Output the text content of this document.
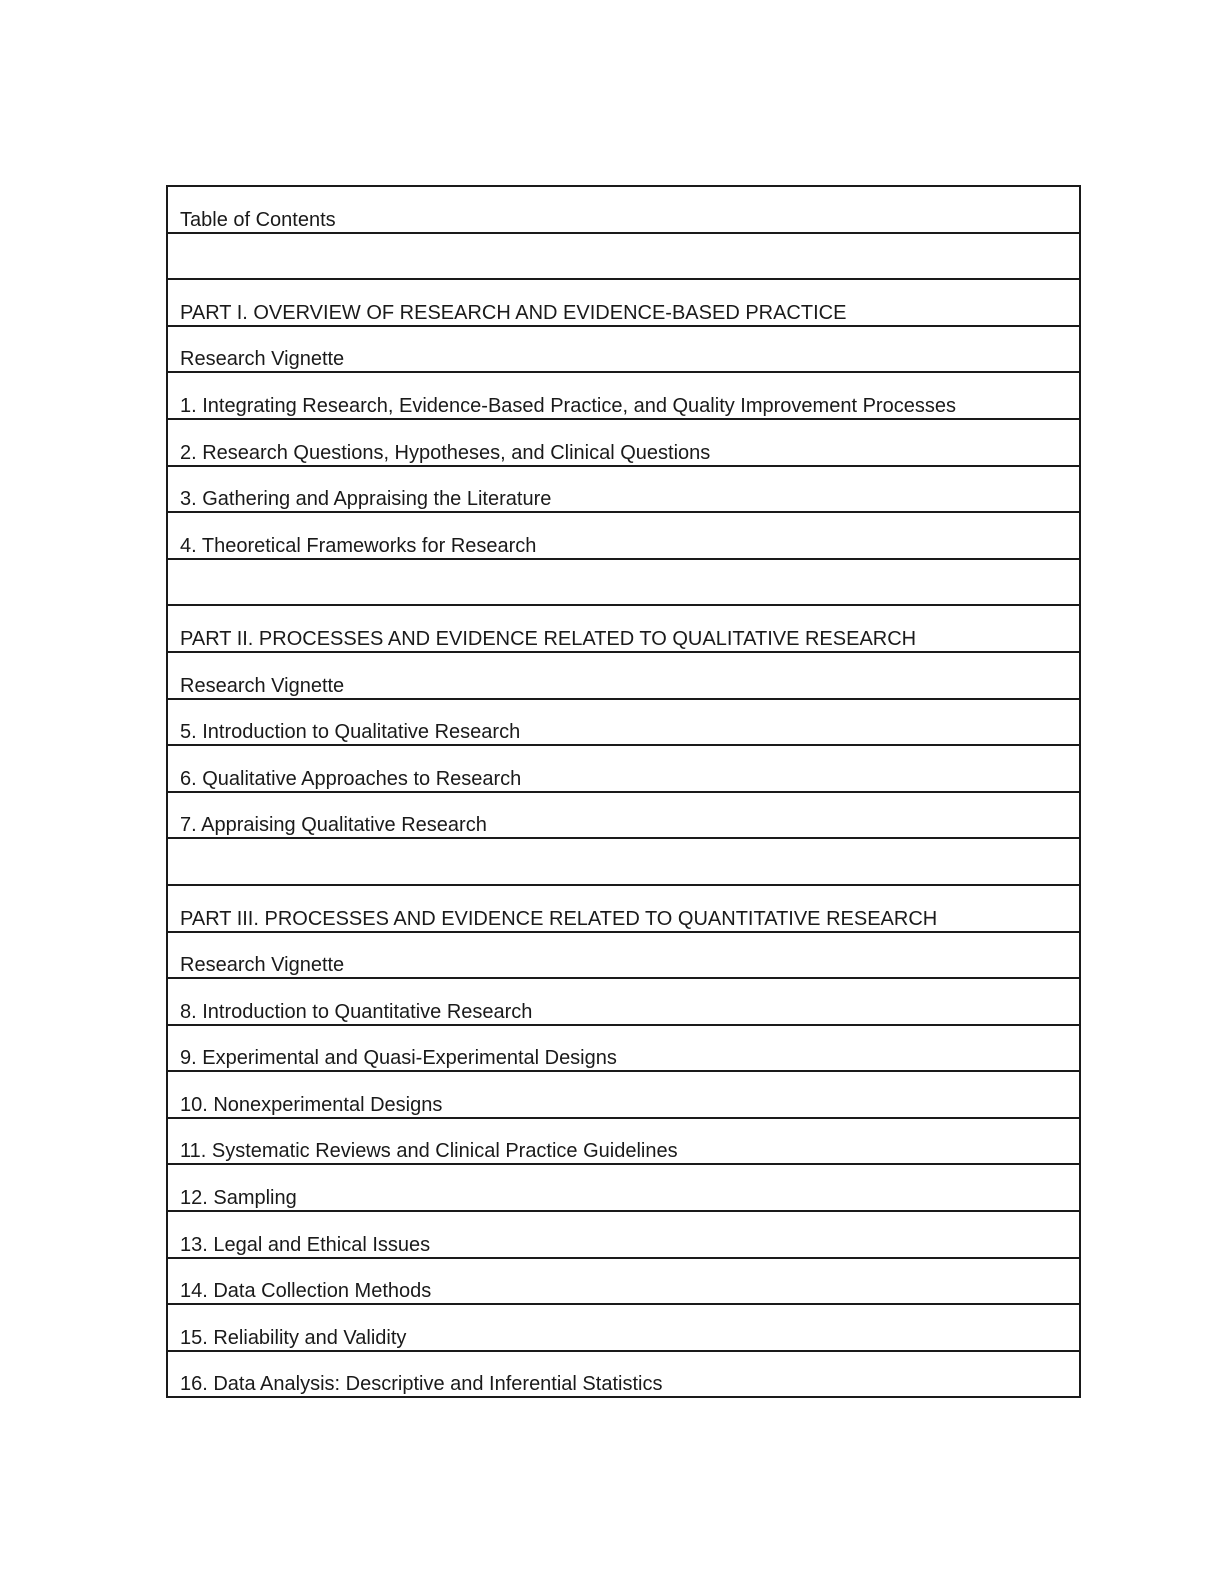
Table of Contents

PART I. OVERVIEW OF RESEARCH AND EVIDENCE-BASED PRACTICE
Research Vignette
1. Integrating Research, Evidence-Based Practice, and Quality Improvement Processes
2. Research Questions, Hypotheses, and Clinical Questions
3. Gathering and Appraising the Literature
4. Theoretical Frameworks for Research

PART II. PROCESSES AND EVIDENCE RELATED TO QUALITATIVE RESEARCH
Research Vignette
5. Introduction to Qualitative Research
6. Qualitative Approaches to Research
7. Appraising Qualitative Research

PART III. PROCESSES AND EVIDENCE RELATED TO QUANTITATIVE RESEARCH
Research Vignette
8. Introduction to Quantitative Research
9. Experimental and Quasi-Experimental Designs
10. Nonexperimental Designs
11. Systematic Reviews and Clinical Practice Guidelines
12. Sampling
13. Legal and Ethical Issues
14. Data Collection Methods
15. Reliability and Validity
16. Data Analysis: Descriptive and Inferential Statistics
